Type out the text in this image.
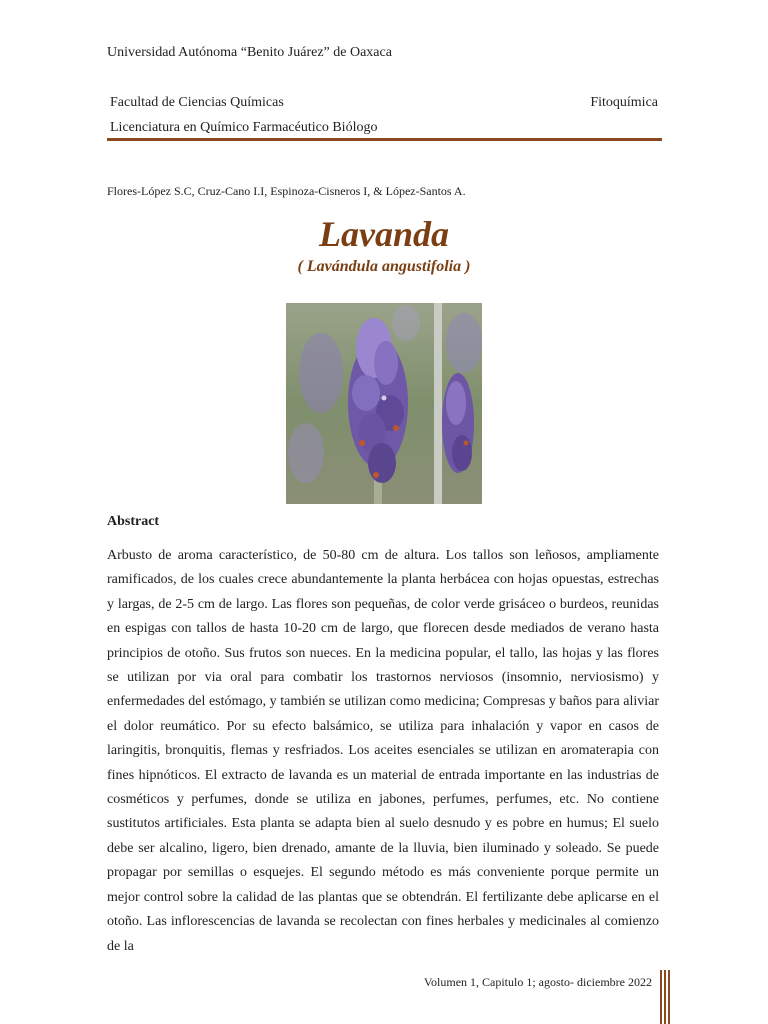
Universidad Autónoma “Benito Juárez” de Oaxaca
Facultad de Ciencias Químicas	Fitoquímica
Licenciatura en Químico Farmacéutico Biólogo
Flores-López S.C, Cruz-Cano I.I, Espinoza-Cisneros I, & López-Santos A.
Lavanda
( Lavándula angustifolia )
Abstract
Arbusto de aroma característico, de 50-80 cm de altura. Los tallos son leñosos, ampliamente ramificados, de los cuales crece abundantemente la planta herbácea con hojas opuestas, estrechas y largas, de 2-5 cm de largo. Las flores son pequeñas, de color verde grisáceo o burdeos, reunidas en espigas con tallos de hasta 10-20 cm de largo, que florecen desde mediados de verano hasta principios de otoño. Sus frutos son nueces. En la medicina popular, el tallo, las hojas y las flores se utilizan por via oral para combatir los trastornos nerviosos (insomnio, nerviosismo) y enfermedades del estómago, y también se utilizan como medicina; Compresas y baños para aliviar el dolor reumático. Por su efecto balsámico, se utiliza para inhalación y vapor en casos de laringitis, bronquitis, flemas y resfriados. Los aceites esenciales se utilizan en aromaterapia con fines hipnóticos. El extracto de lavanda es un material de entrada importante en las industrias de cosméticos y perfumes, donde se utiliza en jabones, perfumes, perfumes, etc. No contiene sustitutos artificiales. Esta planta se adapta bien al suelo desnudo y es pobre en humus; El suelo debe ser alcalino, ligero, bien drenado, amante de la lluvia, bien iluminado y soleado. Se puede propagar por semillas o esquejes. El segundo método es más conveniente porque permite un mejor control sobre la calidad de las plantas que se obtendrán. El fertilizante debe aplicarse en el otoño. Las inflorescencias de lavanda se recolectan con fines herbales y medicinales al comienzo de la
Volumen 1, Capitulo 1; agosto- diciembre 2022
